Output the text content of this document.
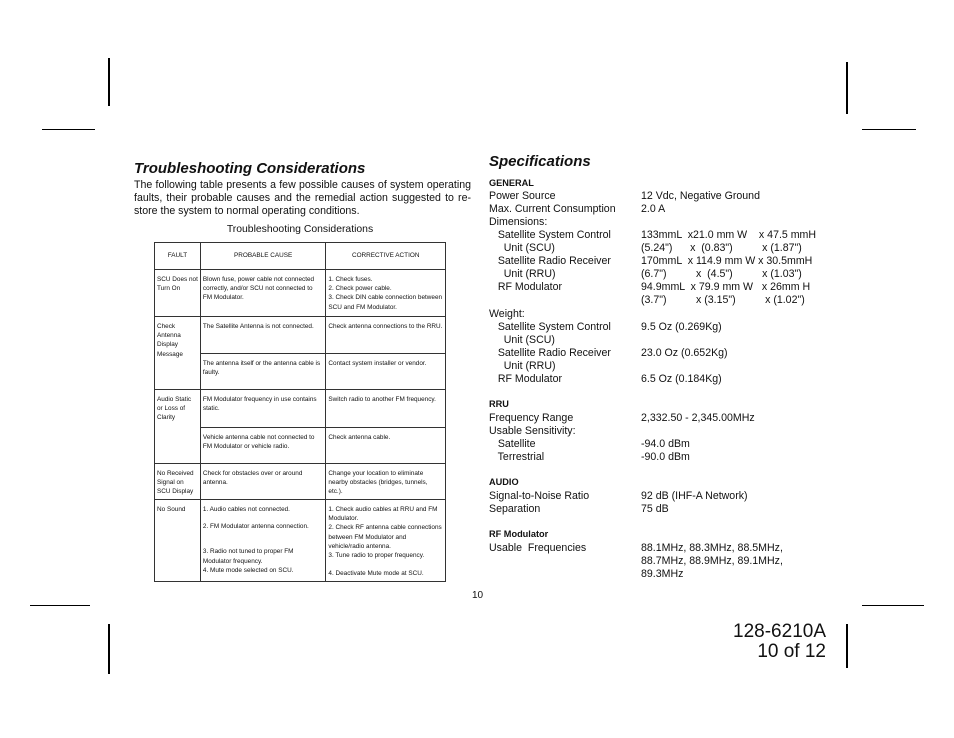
Troubleshooting Considerations
The following table presents a few possible causes of system operating faults, their probable causes and the remedial action suggested to re-store the system to normal operating conditions.
Troubleshooting Considerations
FAULT	PROBABLE CAUSE	CORRECTIVE ACTION
SCU Does not Turn On	Blown fuse, power cable not connected correctly, and/or SCU not connected to FM Modulator.	1. Check fuses.
2. Check power cable.
3. Check DIN cable connection between SCU and FM Modulator.
Check Antenna Display Message	The Satellite Antenna is not connected.	Check antenna connections to the RRU.
	The antenna itself or the antenna cable is faulty.	Contact system installer or vendor.
Audio Static or Loss of Clarity	FM Modulator frequency in use contains static.	Switch radio to another FM frequency.
	Vehicle antenna cable not connected to FM Modulator or vehicle radio.	Check antenna cable.
No Received Signal on SCU Display	Check for obstacles over or around antenna.	Change your location to eliminate nearby obstacles (bridges, tunnels, etc.).
No Sound	1. Audio cables not connected.
2. FM Modulator antenna connection.
3. Radio not tuned to proper FM Modulator frequency.
4. Mute mode selected on SCU.	1. Check audio cables at RRU and FM Modulator.
2. Check RF antenna cable connections between FM Modulator and vehicle/radio antenna.
3. Tune radio to proper frequency.
4. Deactivate Mute mode at SCU.
Specifications
GENERAL
RRU
AUDIO
RF Modulator
Power Source	12 Vdc, Negative Ground
Max. Current Consumption 2.0 A
Dimensions:
Satellite System Control	133mmL  x21.0 mm W    x 47.5 mmH
Unit (SCU)	(5.24")      x  (0.83")          x (1.87")
Satellite Radio Receiver	170mmL  x 114.9 mm W x 30.5mmH
Unit (RRU)	(6.7")          x  (4.5")          x (1.03")
RF Modulator	94.9mmL  x 79.9 mm W   x 26mm H
(3.7")          x (3.15")          x (1.02")
Weight:
Satellite System Control	9.5 Oz (0.269Kg)
Unit (SCU)
Satellite Radio Receiver	23.0 Oz (0.652Kg)
Unit (RRU)
RF Modulator	6.5 Oz (0.184Kg)
Frequency Range	2,332.50 - 2,345.00MHz
Usable Sensitivity:
Satellite	-94.0 dBm
Terrestrial	-90.0 dBm
Signal-to-Noise Ratio	92 dB (IHF-A Network)
Separation	75 dB
Usable  Frequencies	88.1MHz, 88.3MHz, 88.5MHz,
88.7MHz, 88.9MHz, 89.1MHz,
89.3MHz
10
128-6210A
10 of 12
